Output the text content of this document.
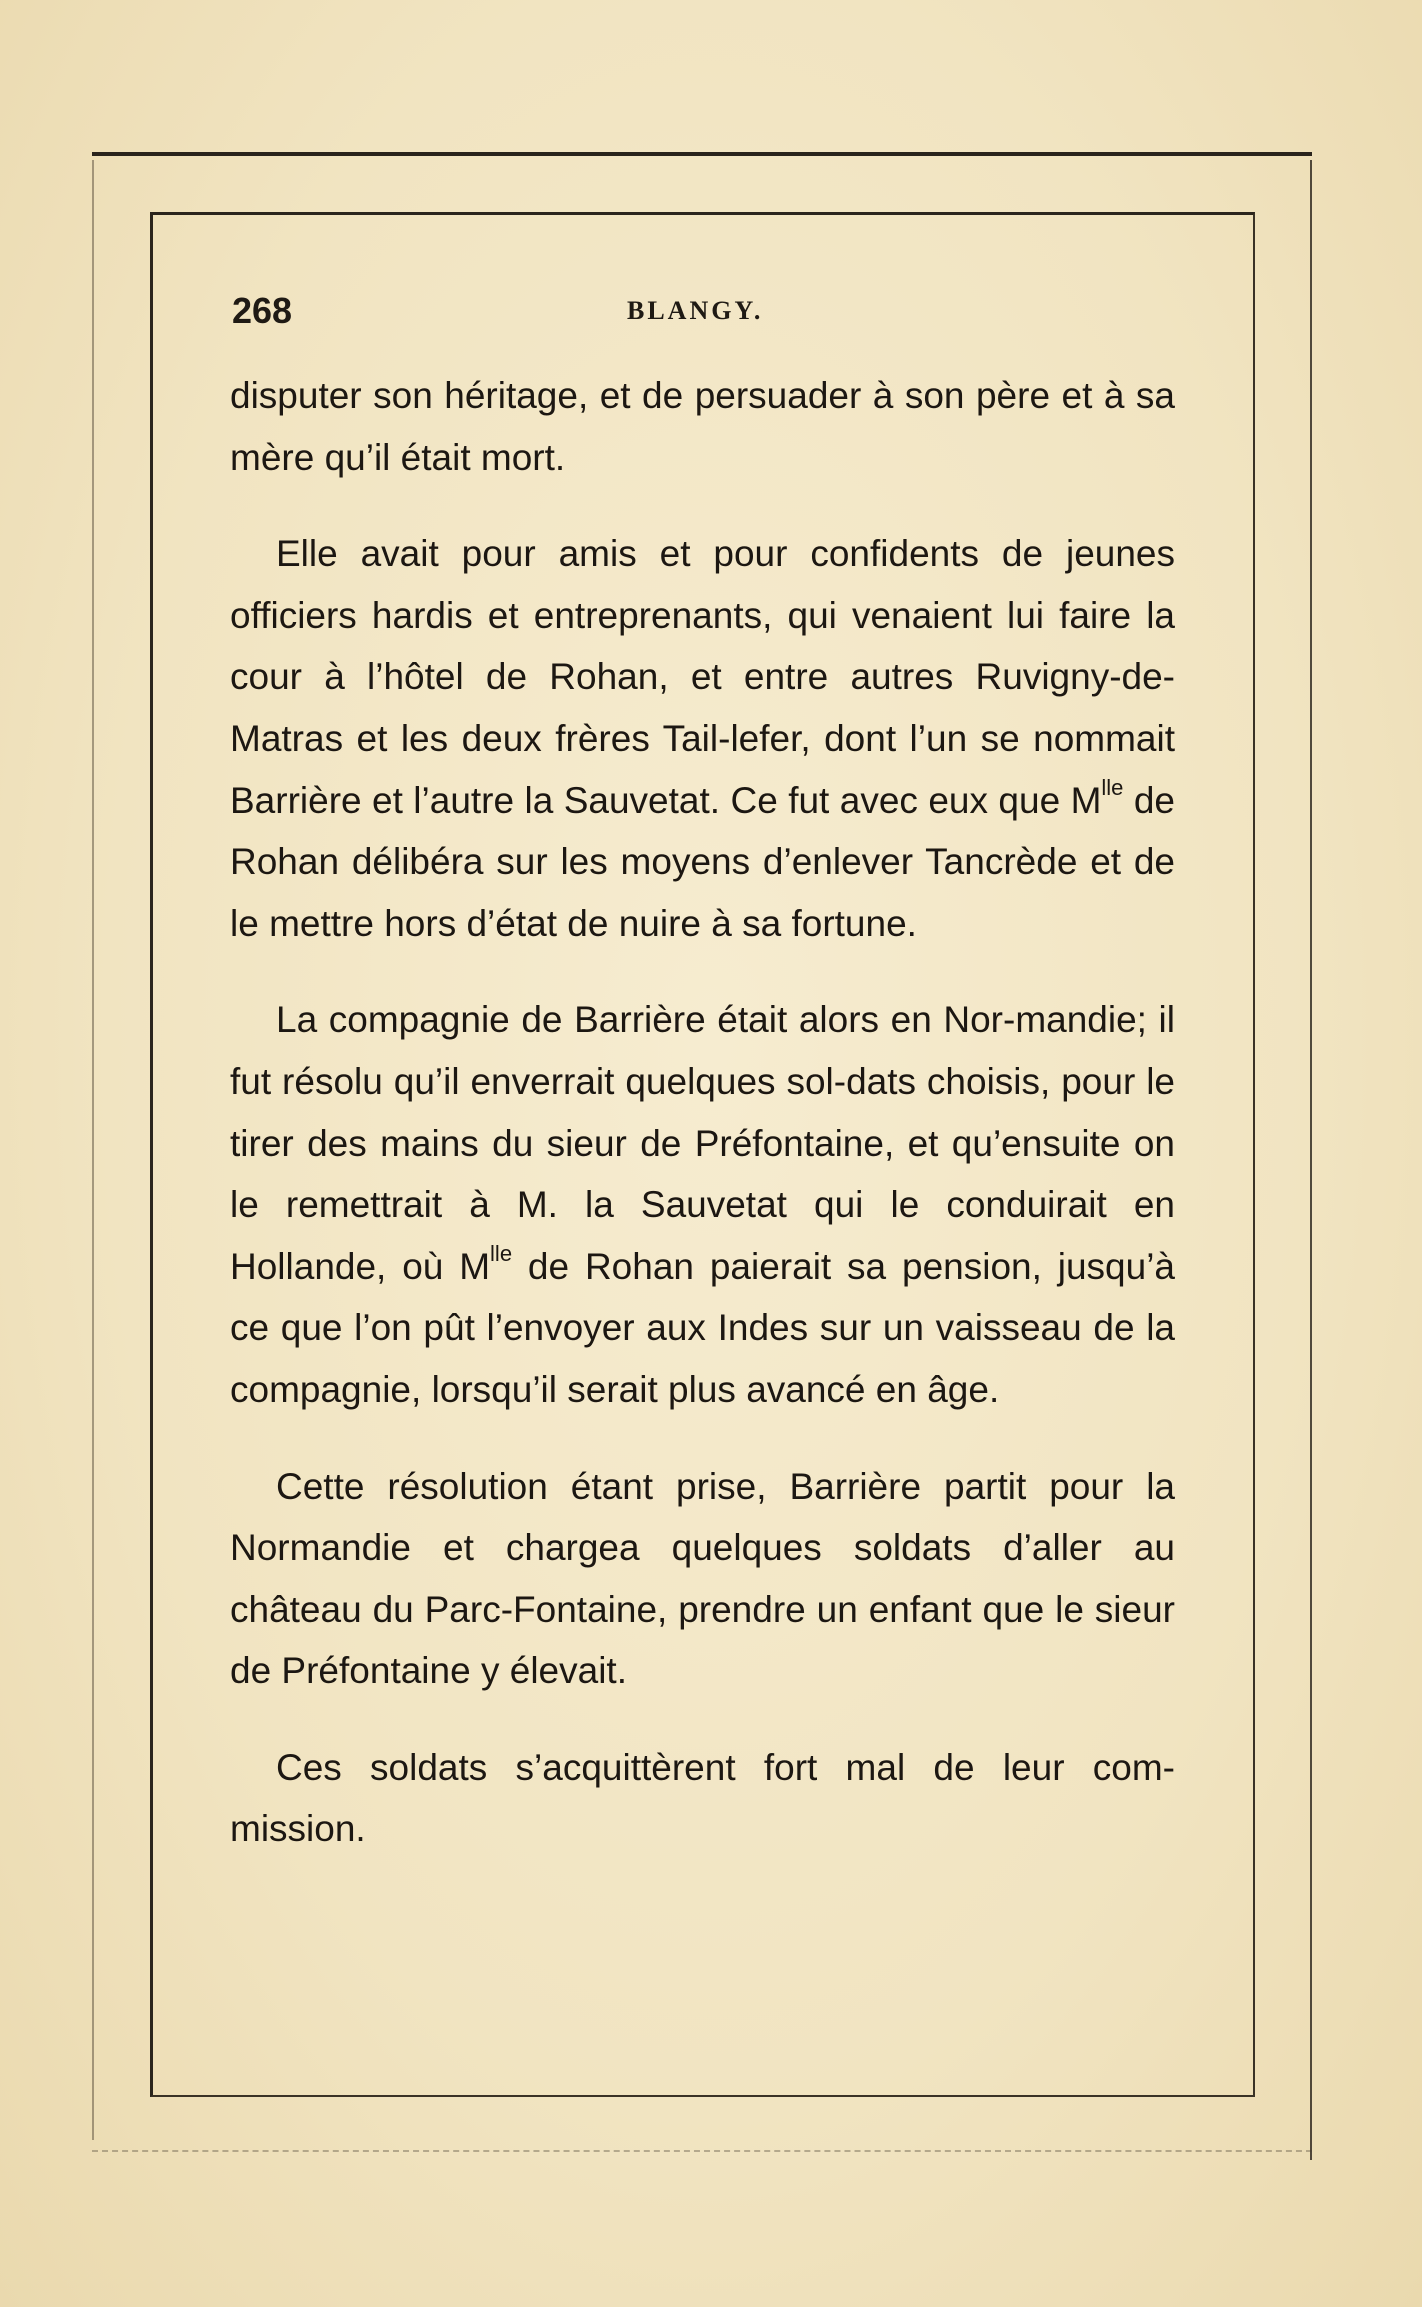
268	BLANGY.

disputer son héritage, et de persuader à son père et à sa mère qu’il était mort.

Elle avait pour amis et pour confidents de jeunes officiers hardis et entreprenants, qui venaient lui faire la cour à l’hôtel de Rohan, et entre autres Ruvigny-de-Matras et les deux frères Tail-lefer, dont l’un se nommait Barrière et l’autre la Sauvetat. Ce fut avec eux que $M^{lle}$ de Rohan délibéra sur les moyens d’enlever Tancrède et de le mettre hors d’état de nuire à sa fortune.

La compagnie de Barrière était alors en Nor-mandie; il fut résolu qu’il enverrait quelques sol-dats choisis, pour le tirer des mains du sieur de Préfontaine, et qu’ensuite on le remettrait à M. la Sauvetat qui le conduirait en Hollande, où $M^{lle}$ de Rohan paierait sa pension, jusqu’à ce que l’on pût l’envoyer aux Indes sur un vaisseau de la compagnie, lorsqu’il serait plus avancé en âge.

Cette résolution étant prise, Barrière partit pour la Normandie et chargea quelques soldats d’aller au château du Parc-Fontaine, prendre un enfant que le sieur de Préfontaine y élevait.

Ces soldats s’acquittèrent fort mal de leur com-mission.
